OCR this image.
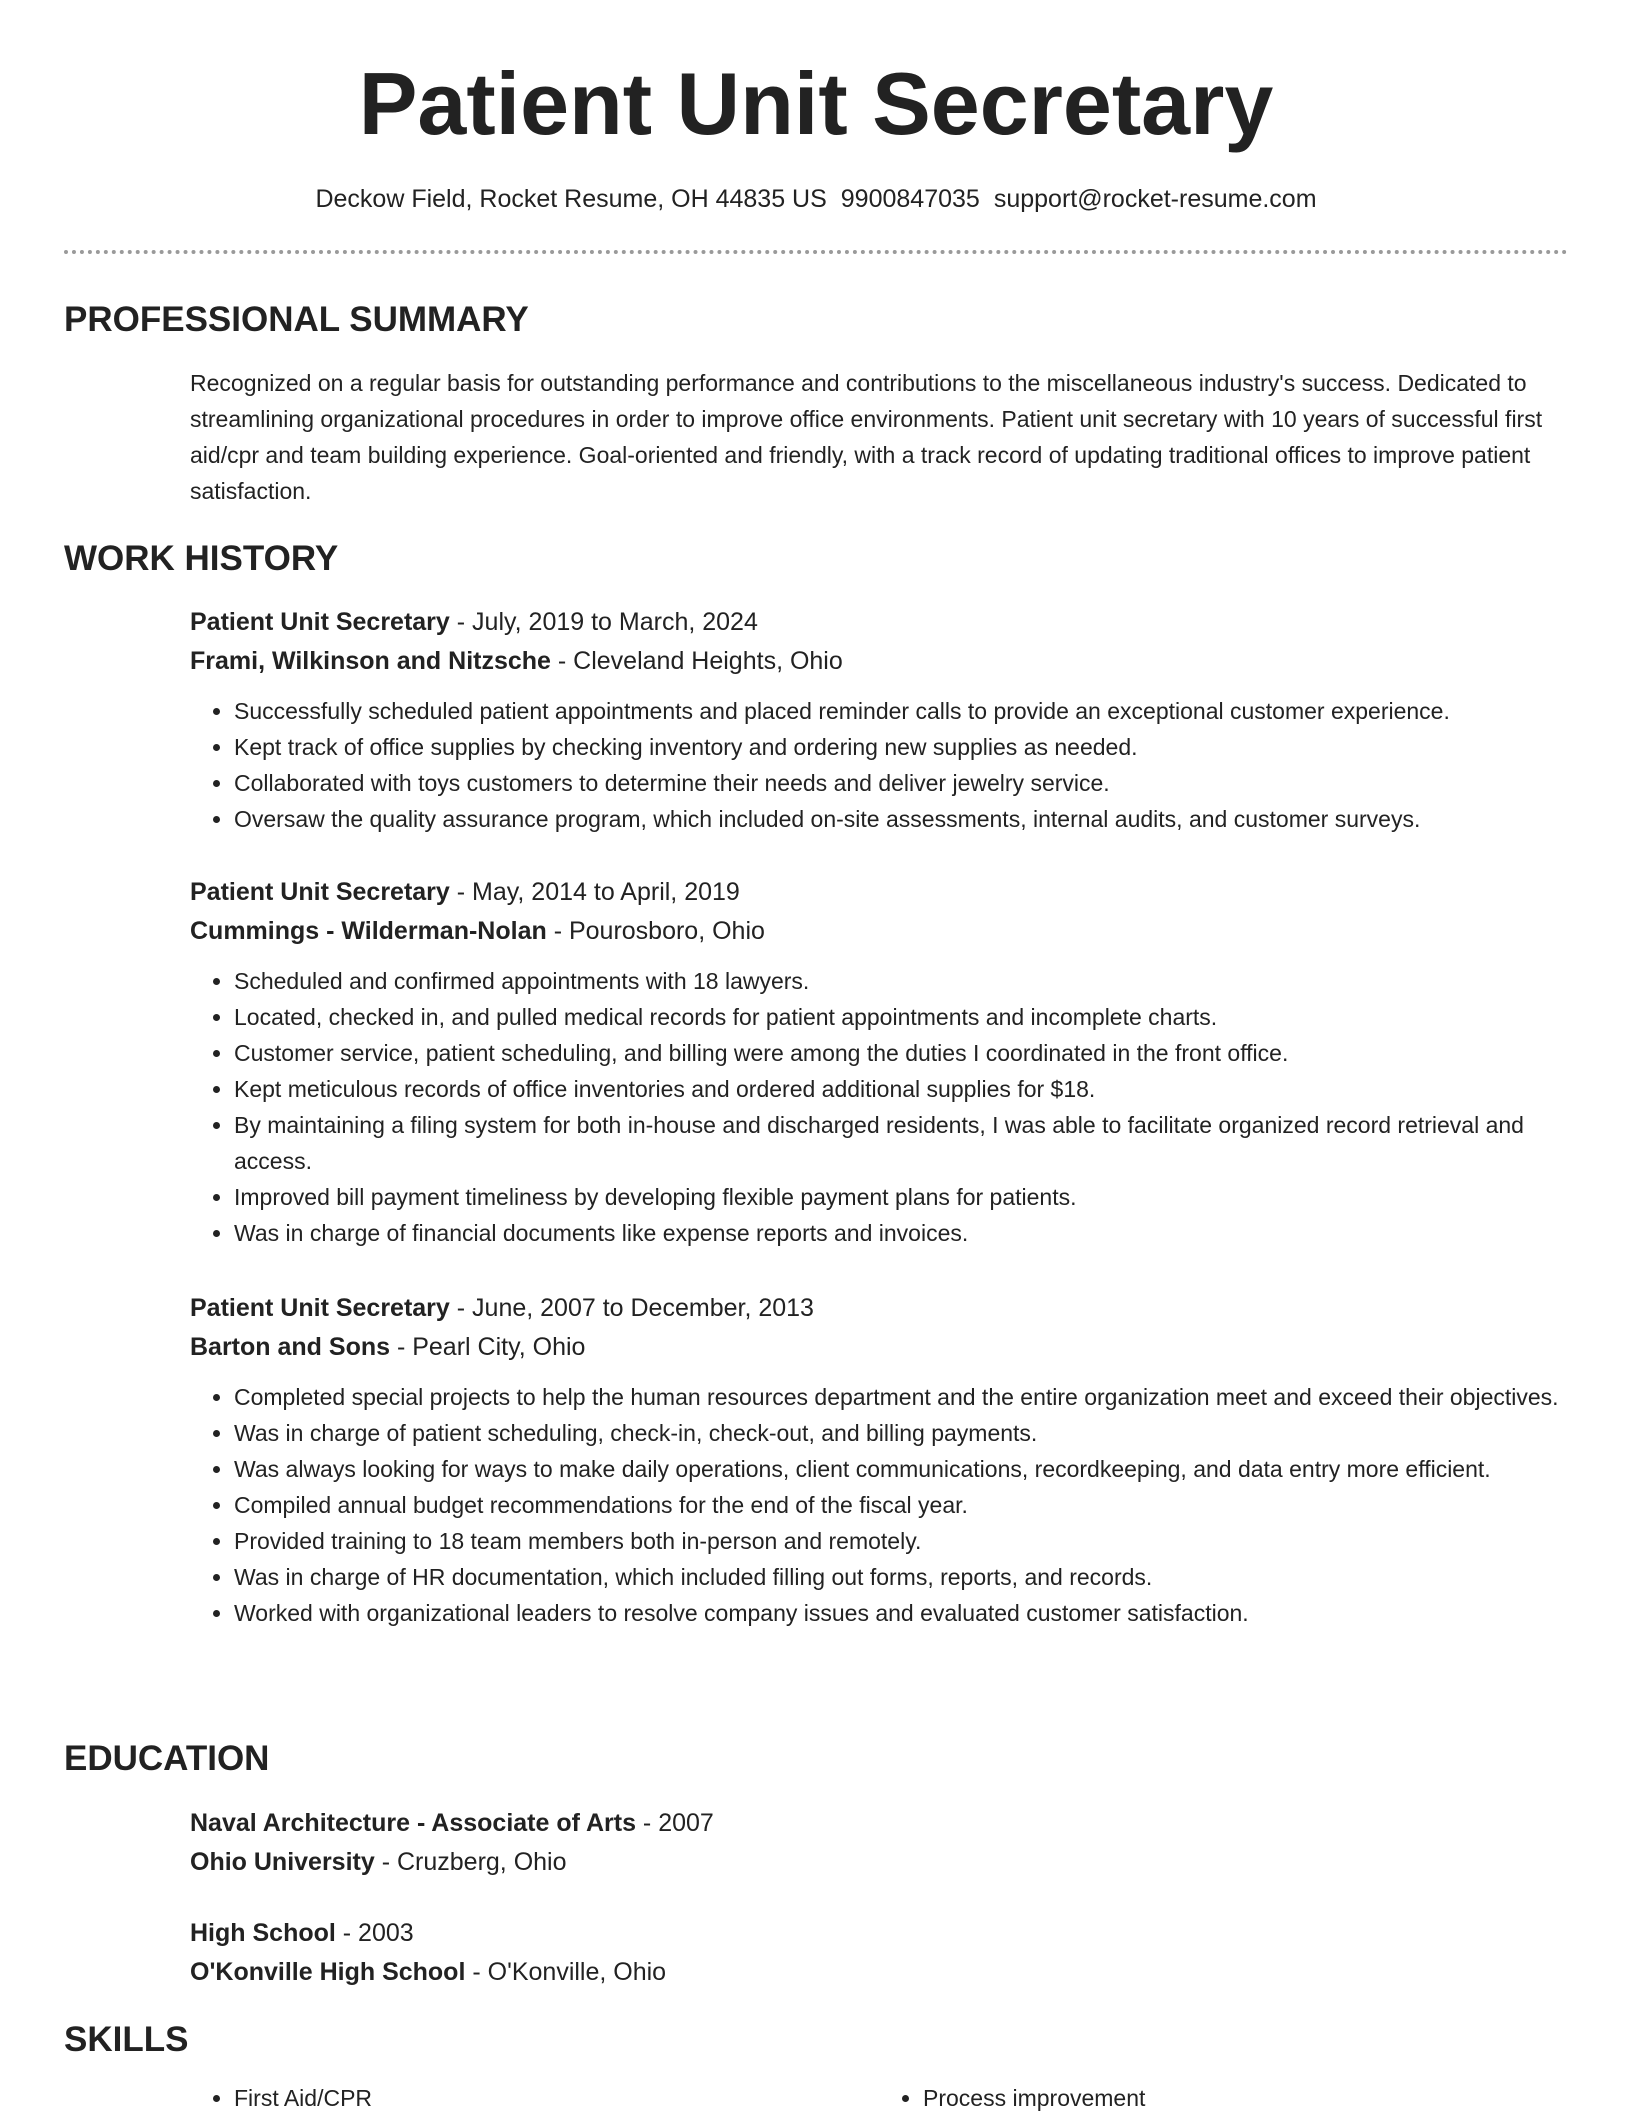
Patient Unit Secretary
Deckow Field, Rocket Resume, OH 44835 US 9900847035 support@rocket-resume.com
PROFESSIONAL SUMMARY

Recognized on a regular basis for outstanding performance and contributions to the miscellaneous industry's success. Dedicated to streamlining organizational procedures in order to improve office environments. Patient unit secretary with 10 years of successful first aid/cpr and team building experience. Goal-oriented and friendly, with a track record of updating traditional offices to improve patient satisfaction.

WORK HISTORY
Patient Unit Secretary - July, 2019 to March, 2024
Frami, Wilkinson and Nitzsche - Cleveland Heights, Ohio
• Successfully scheduled patient appointments and placed reminder calls to provide an exceptional customer experience.
• Kept track of office supplies by checking inventory and ordering new supplies as needed.
• Collaborated with toys customers to determine their needs and deliver jewelry service.
• Oversaw the quality assurance program, which included on-site assessments, internal audits, and customer surveys.
Patient Unit Secretary - May, 2014 to April, 2019
Cummings - Wilderman-Nolan - Pourosboro, Ohio
• Scheduled and confirmed appointments with 18 lawyers.
• Located, checked in, and pulled medical records for patient appointments and incomplete charts.
• Customer service, patient scheduling, and billing were among the duties I coordinated in the front office.
• Kept meticulous records of office inventories and ordered additional supplies for $18.
• By maintaining a filing system for both in-house and discharged residents, I was able to facilitate organized record retrieval and access.
• Improved bill payment timeliness by developing flexible payment plans for patients.
• Was in charge of financial documents like expense reports and invoices.
Patient Unit Secretary - June, 2007 to December, 2013
Barton and Sons - Pearl City, Ohio
• Completed special projects to help the human resources department and the entire organization meet and exceed their objectives.
• Was in charge of patient scheduling, check-in, check-out, and billing payments.
• Was always looking for ways to make daily operations, client communications, recordkeeping, and data entry more efficient.
• Compiled annual budget recommendations for the end of the fiscal year.
• Provided training to 18 team members both in-person and remotely.
• Was in charge of HR documentation, which included filling out forms, reports, and records.
• Worked with organizational leaders to resolve company issues and evaluated customer satisfaction.
EDUCATION
Naval Architecture - Associate of Arts - 2007
Ohio University - Cruzberg, Ohio
High School - 2003
O'Konville High School - O'Konville, Ohio
SKILLS
• First Aid/CPR
•	Process improvement
